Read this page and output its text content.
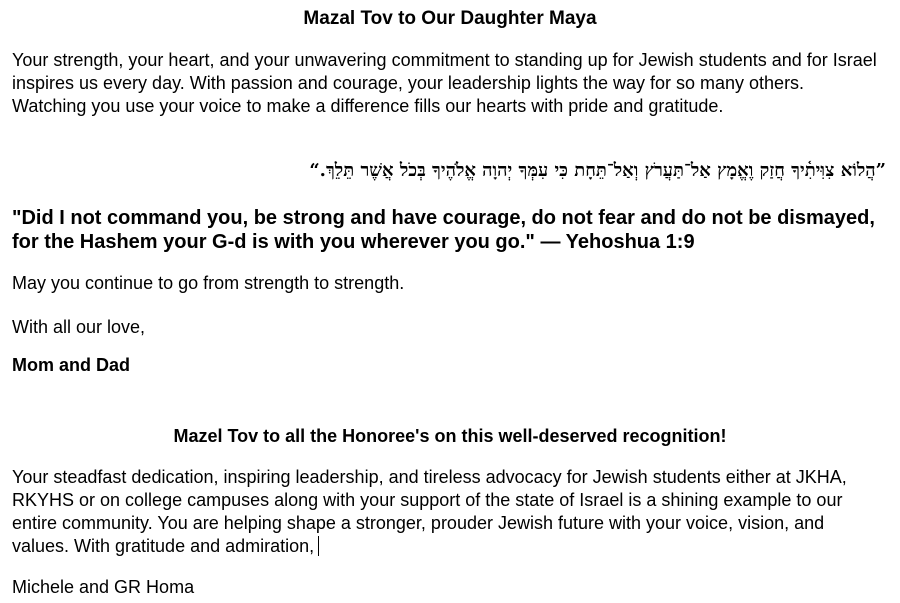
Mazal Tov to Our Daughter Maya
Your strength, your heart, and your unwavering commitment to standing up for Jewish students and for Israel inspires us every day. With passion and courage, your leadership lights the way for so many others. Watching you use your voice to make a difference fills our hearts with pride and gratitude.
”הֲלוֹא צִוִּיתִ֫יךָ חֲזַק וֶאֱמָץ אַל־תַּעֲרֹץ וְאַל־תֵּחָת כִּי עִמְּךָ יְהוָה אֱלֹהֶיךָ בְּכֹל אֲשֶׁר תֵּלֵךְ.“
"Did I not command you, be strong and have courage, do not fear and do not be dismayed, for the Hashem your G-d is with you wherever you go." — Yehoshua 1:9
May you continue to go from strength to strength.
With all our love,
Mom and Dad
Mazel Tov to all the Honoree's on this well-deserved recognition!
Your steadfast dedication, inspiring leadership, and tireless advocacy for Jewish students either at JKHA, RKYHS or on college campuses along with your support of the state of Israel is a shining example to our entire community. You are helping shape a stronger, prouder Jewish future with your voice, vision, and values. With gratitude and admiration,
Michele and GR Homa
